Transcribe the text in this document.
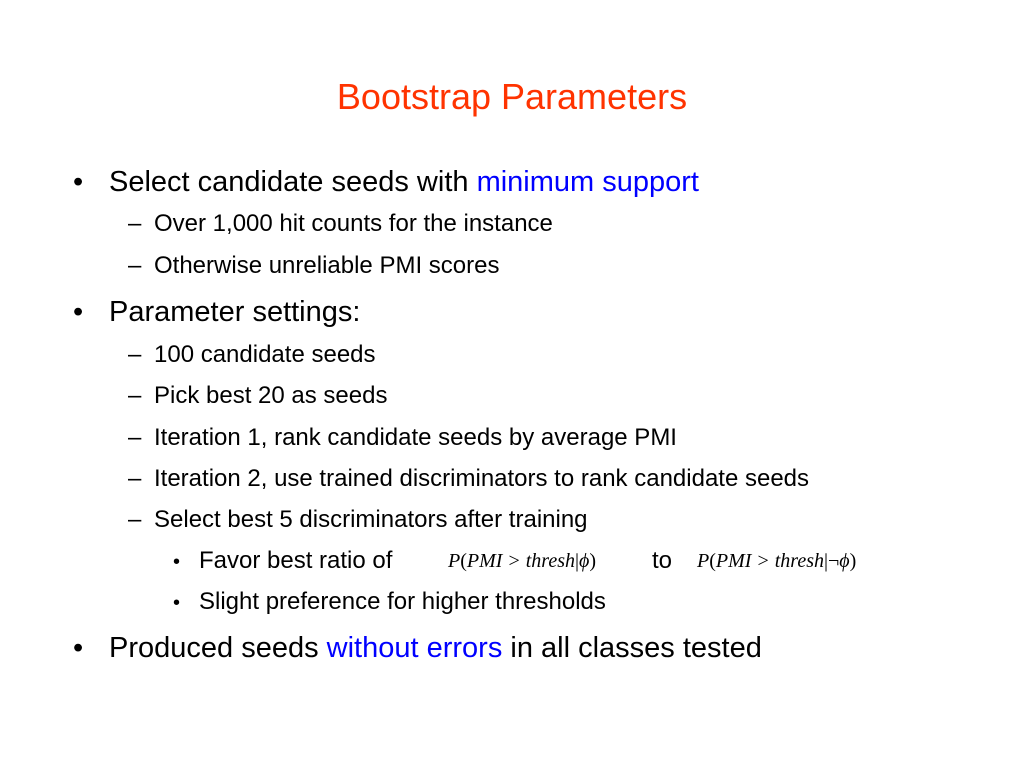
Bootstrap Parameters
• Select candidate seeds with minimum support
– Over 1,000 hit counts for the instance
– Otherwise unreliable PMI scores
• Parameter settings:
– 100 candidate seeds
– Pick best 20 as seeds
– Iteration 1, rank candidate seeds by average PMI
– Iteration 2, use trained discriminators to rank candidate seeds
– Select best 5 discriminators after training
• Favor best ratio of	P(PMI > thresh|ϕ) to P(PMI > thresh|¬ϕ)
• Slight preference for higher thresholds
• Produced seeds without errors in all classes tested
